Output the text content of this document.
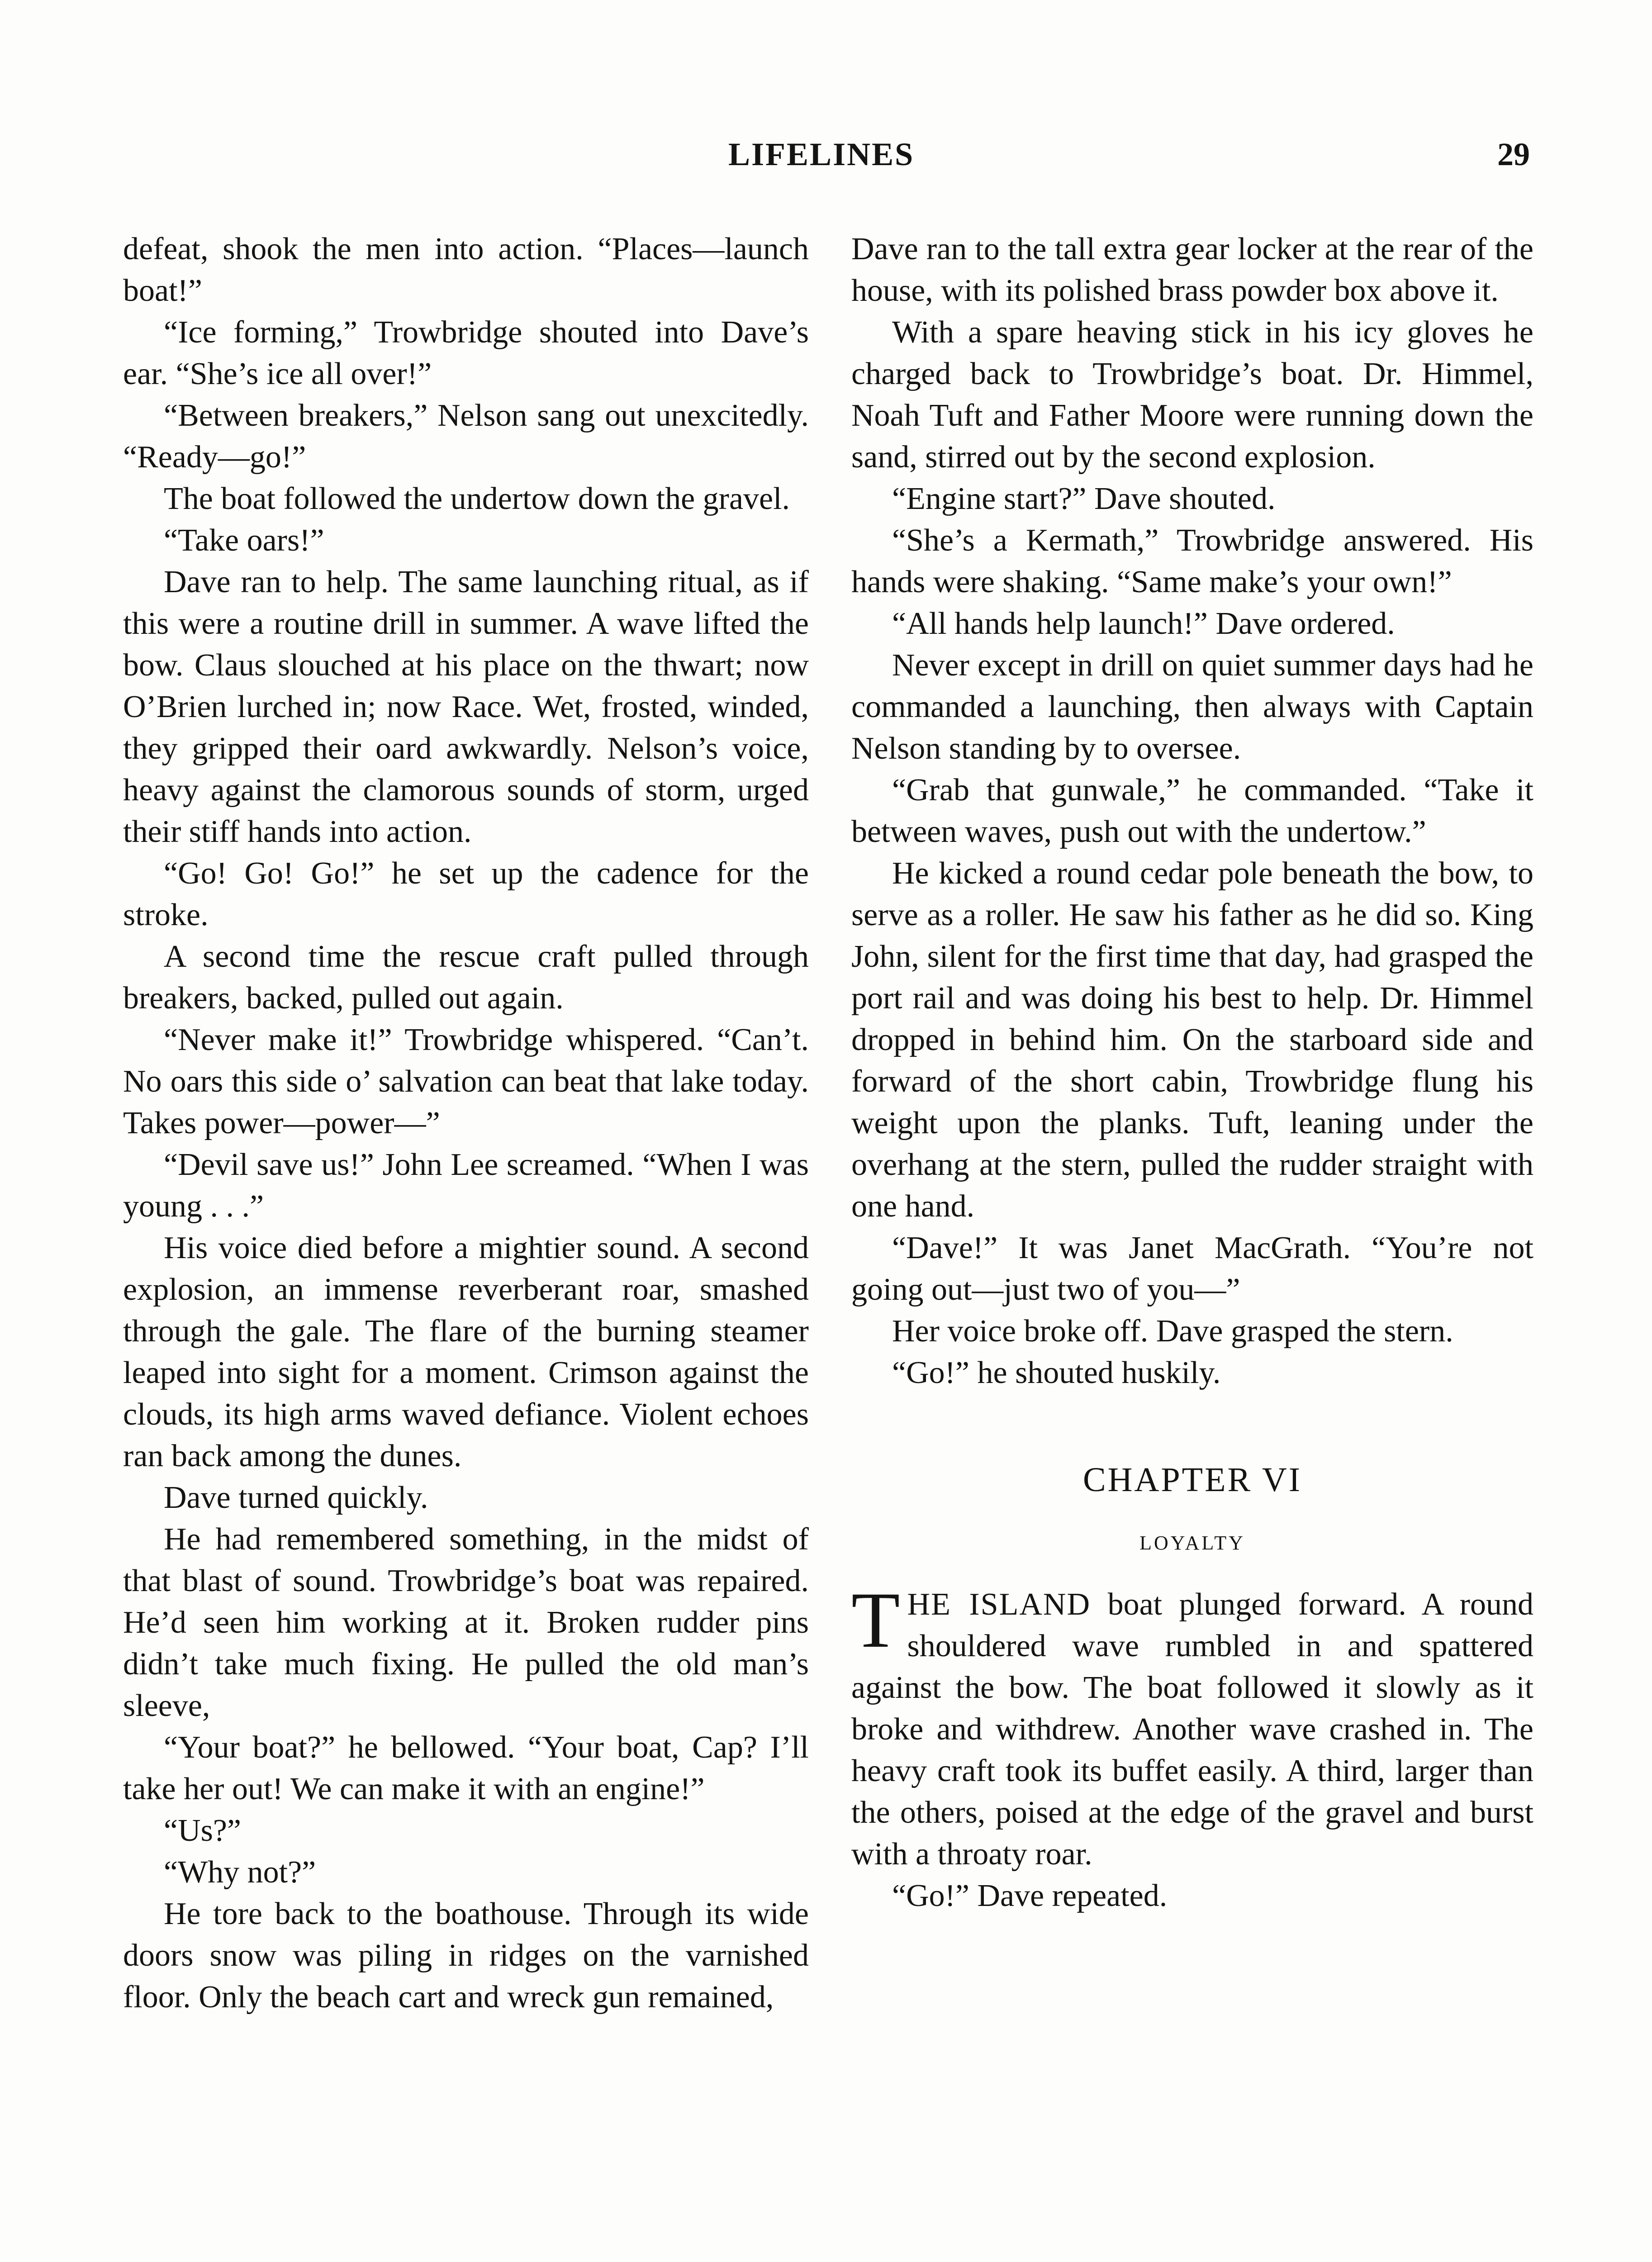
LIFELINES	29

defeat, shook the men into action. “Places—launch boat!”

“Ice forming,” Trowbridge shouted into Dave’s ear. “She’s ice all over!”

“Between breakers,” Nelson sang out unexcitedly. “Ready—go!”

The boat followed the undertow down the gravel.

“Take oars!”

Dave ran to help. The same launching ritual, as if this were a routine drill in summer. A wave lifted the bow. Claus slouched at his place on the thwart; now O’Brien lurched in; now Race. Wet, frosted, winded, they gripped their oard awkwardly. Nelson’s voice, heavy against the clamorous sounds of storm, urged their stiff hands into action.

“Go! Go! Go!” he set up the cadence for the stroke.

A second time the rescue craft pulled through breakers, backed, pulled out again.

“Never make it!” Trowbridge whispered. “Can’t. No oars this side o’ salvation can beat that lake today. Takes power—power—”

“Devil save us!” John Lee screamed. “When I was young . . .”

His voice died before a mightier sound. A second explosion, an immense reverberant roar, smashed through the gale. The flare of the burning steamer leaped into sight for a moment. Crimson against the clouds, its high arms waved defiance. Violent echoes ran back among the dunes.

Dave turned quickly.

He had remembered something, in the midst of that blast of sound. Trowbridge’s boat was repaired. He’d seen him working at it. Broken rudder pins didn’t take much fixing. He pulled the old man’s sleeve,

“Your boat?” he bellowed. “Your boat, Cap? I’ll take her out! We can make it with an engine!”

“Us?”

“Why not?”

He tore back to the boathouse. Through its wide doors snow was piling in ridges on the varnished floor. Only the beach cart and wreck gun remained,

Dave ran to the tall extra gear locker at the rear of the house, with its polished brass powder box above it.

With a spare heaving stick in his icy gloves he charged back to Trowbridge’s boat. Dr. Himmel, Noah Tuft and Father Moore were running down the sand, stirred out by the second explosion.

“Engine start?” Dave shouted.

“She’s a Kermath,” Trowbridge answered. His hands were shaking. “Same make’s your own!”

“All hands help launch!” Dave ordered.

Never except in drill on quiet summer days had he commanded a launching, then always with Captain Nelson standing by to oversee.

“Grab that gunwale,” he commanded. “Take it between waves, push out with the undertow.”

He kicked a round cedar pole beneath the bow, to serve as a roller. He saw his father as he did so. King John, silent for the first time that day, had grasped the port rail and was doing his best to help. Dr. Himmel dropped in behind him. On the starboard side and forward of the short cabin, Trowbridge flung his weight upon the planks. Tuft, leaning under the overhang at the stern, pulled the rudder straight with one hand.

“Dave!” It was Janet MacGrath. “You’re not going out—just two of you—”

Her voice broke off. Dave grasped the stern.

“Go!” he shouted huskily.

CHAPTER VI
LOYALTY

THE ISLAND boat plunged forward. A round shouldered wave rumbled in and spattered against the bow. The boat followed it slowly as it broke and withdrew. Another wave crashed in. The heavy craft took its buffet easily. A third, larger than the others, poised at the edge of the gravel and burst with a throaty roar.

“Go!” Dave repeated.
